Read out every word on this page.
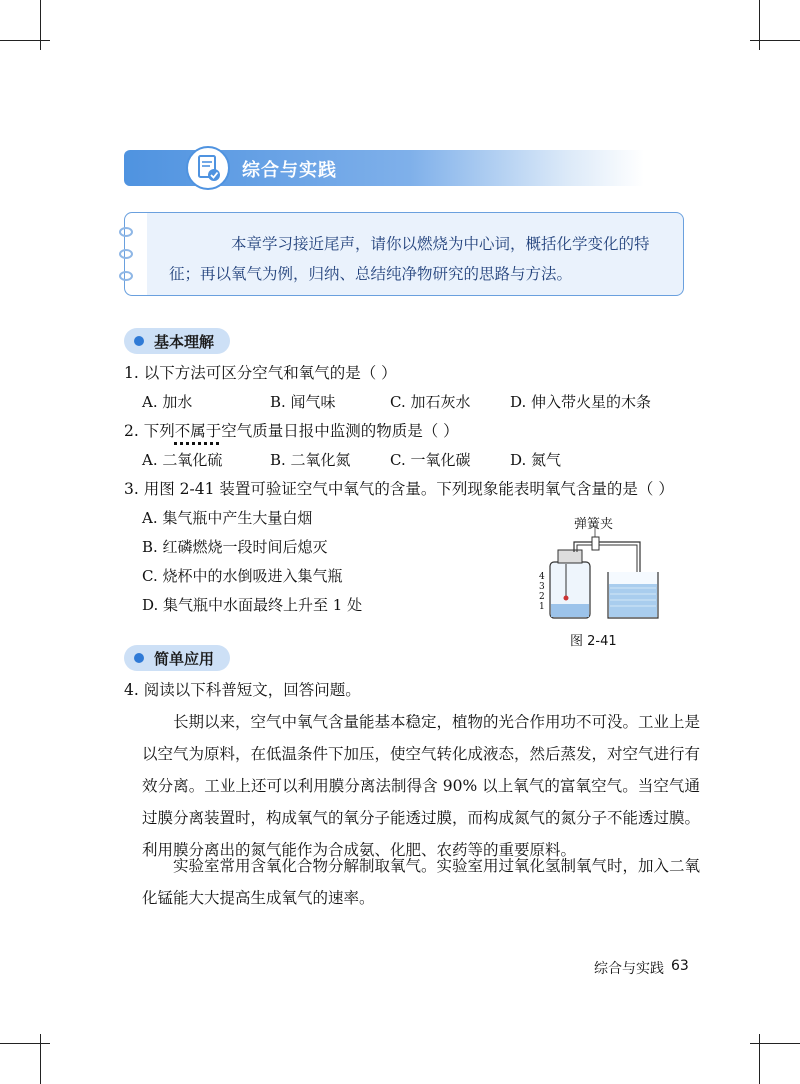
综合与实践
本章学习接近尾声，请你以燃烧为中心词，概括化学变化的特征；再以氧气为例，归纳、总结纯净物研究的思路与方法。
基本理解
1. 以下方法可区分空气和氧气的是（ ）
A. 加水	B. 闻气味	C. 加石灰水	D. 伸入带火星的木条
2. 下列不属于空气质量日报中监测的物质是（ ）
A. 二氧化硫	B. 二氧化氮	C. 一氧化碳	D. 氮气
3. 用图 2-41 装置可验证空气中氧气的含量。下列现象能表明氧气含量的是（ ）
A. 集气瓶中产生大量白烟
B. 红磷燃烧一段时间后熄灭
C. 烧杯中的水倒吸进入集气瓶
D. 集气瓶中水面最终上升至 1 处
弹簧夹
4
3
2
1
图 2-41
简单应用
4. 阅读以下科普短文，回答问题。
长期以来，空气中氧气含量能基本稳定，植物的光合作用功不可没。工业上是以空气为原料，在低温条件下加压，使空气转化成液态，然后蒸发，对空气进行有效分离。工业上还可以利用膜分离法制得含 90% 以上氧气的富氧空气。当空气通过膜分离装置时，构成氧气的氧分子能透过膜，而构成氮气的氮分子不能透过膜。利用膜分离出的氮气能作为合成氨、化肥、农药等的重要原料。
实验室常用含氧化合物分解制取氧气。实验室用过氧化氢制氧气时，加入二氧化锰能大大提高生成氧气的速率。
综合与实践 63
